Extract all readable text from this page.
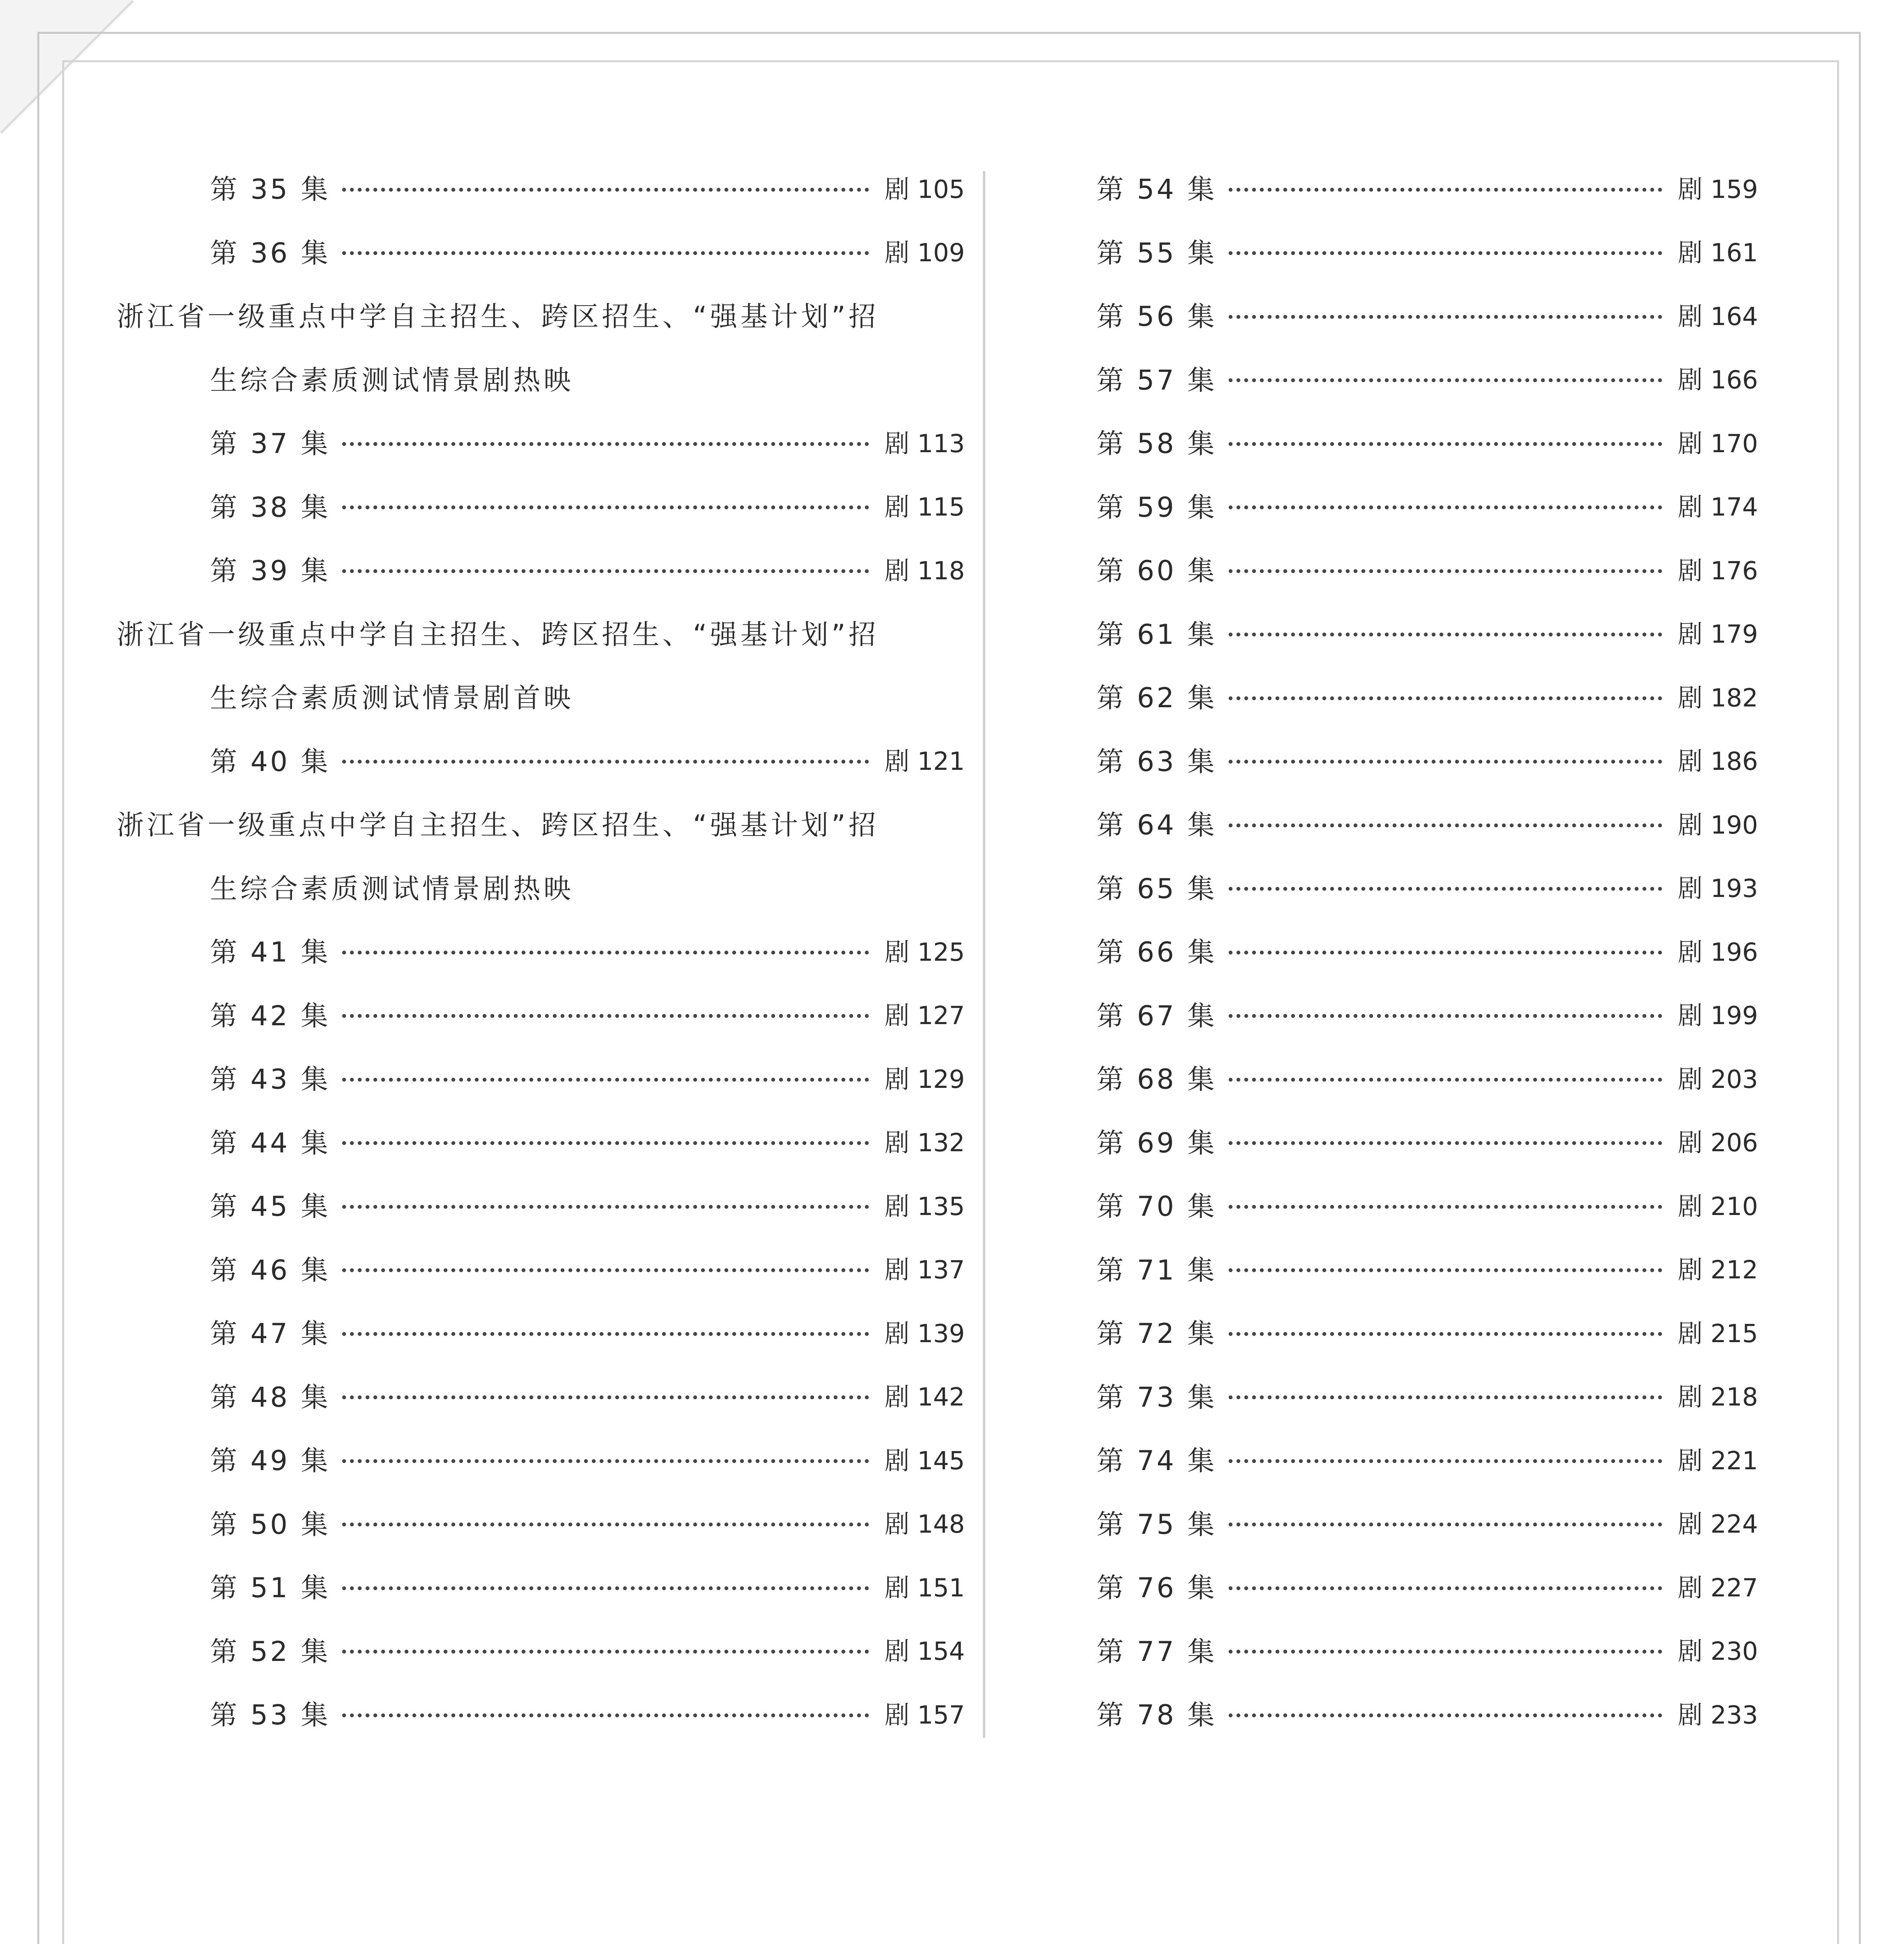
第 35 集	剧 105
第 36 集	剧 109
浙江省一级重点中学自主招生、跨区招生、“强基计划”招
生综合素质测试情景剧热映
第 37 集	剧 113
第 38 集	剧 115
第 39 集	剧 118
浙江省一级重点中学自主招生、跨区招生、“强基计划”招
生综合素质测试情景剧首映
第 40 集	剧 121
浙江省一级重点中学自主招生、跨区招生、“强基计划”招
生综合素质测试情景剧热映
第 41 集	剧 125
第 42 集	剧 127
第 43 集	剧 129
第 44 集	剧 132
第 45 集	剧 135
第 46 集	剧 137
第 47 集	剧 139
第 48 集	剧 142
第 49 集	剧 145
第 50 集	剧 148
第 51 集	剧 151
第 52 集	剧 154
第 53 集	剧 157
第 54 集	剧 159
第 55 集	剧 161
第 56 集	剧 164
第 57 集	剧 166
第 58 集	剧 170
第 59 集	剧 174
第 60 集	剧 176
第 61 集	剧 179
第 62 集	剧 182
第 63 集	剧 186
第 64 集	剧 190
第 65 集	剧 193
第 66 集	剧 196
第 67 集	剧 199
第 68 集	剧 203
第 69 集	剧 206
第 70 集	剧 210
第 71 集	剧 212
第 72 集	剧 215
第 73 集	剧 218
第 74 集	剧 221
第 75 集	剧 224
第 76 集	剧 227
第 77 集	剧 230
第 78 集	剧 233
